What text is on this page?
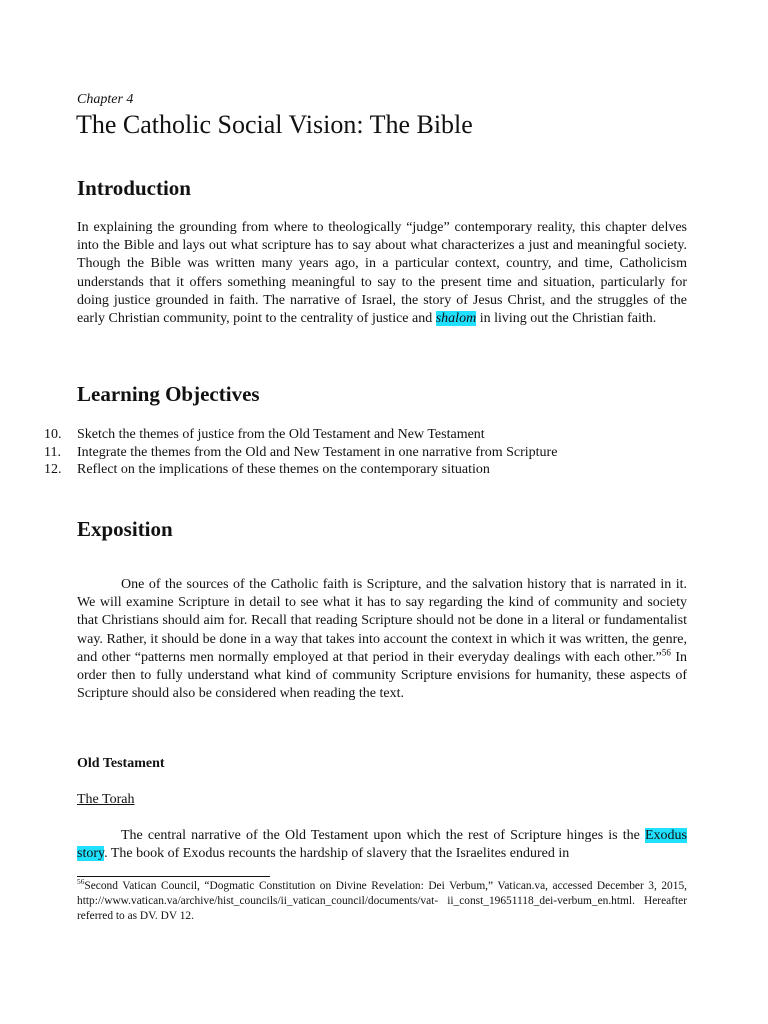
Chapter 4
The Catholic Social Vision: The Bible
Introduction

In explaining the grounding from where to theologically “judge” contemporary reality, this chapter delves into the Bible and lays out what scripture has to say about what characterizes a just and meaningful society. Though the Bible was written many years ago, in a particular context, country, and time, Catholicism understands that it offers something meaningful to say to the present time and situation, particularly for doing justice grounded in faith. The narrative of Israel, the story of Jesus Christ, and the struggles of the early Christian community, point to the centrality of justice and shalom in living out the Christian faith.

Learning Objectives
10.	Sketch the themes of justice from the Old Testament and New Testament
11.	Integrate the themes from the Old and New Testament in one narrative from Scripture
12.	Reflect on the implications of these themes on the contemporary situation
Exposition

One of the sources of the Catholic faith is Scripture, and the salvation history that is narrated in it. We will examine Scripture in detail to see what it has to say regarding the kind of community and society that Christians should aim for. Recall that reading Scripture should not be done in a literal or fundamentalist way. Rather, it should be done in a way that takes into account the context in which it was written, the genre, and other “patterns men normally employed at that period in their everyday dealings with each other.”$^{56}$ In order then to fully understand what kind of community Scripture envisions for humanity, these aspects of Scripture should also be considered when reading the text.

Old Testament
The Torah

The central narrative of the Old Testament upon which the rest of Scripture hinges is the Exodus story. The book of Exodus recounts the hardship of slavery that the Israelites endured in

$^{56}$Second Vatican Council, “Dogmatic Constitution on Divine Revelation: Dei Verbum,” Vatican.va, accessed December 3, 2015, http://www.vatican.va/archive/hist_councils/ii_vatican_council/documents/vat- ii_const_19651118_dei-verbum_en.html. Hereafter referred to as DV. DV 12.
